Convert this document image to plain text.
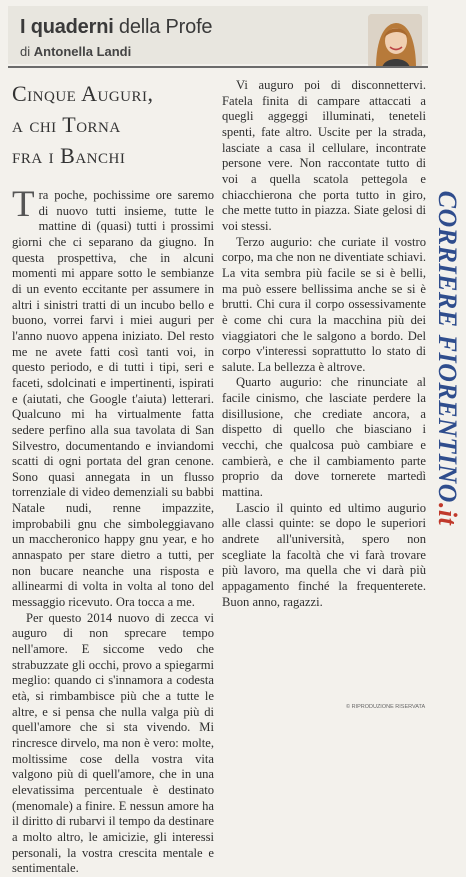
I quaderni della Profe
di Antonella Landi
CORRIERE FIORENTINO.it
Cinque Auguri,
a chi Torna
fra i Banchi

Tra poche, pochissime ore saremo di nuovo tutti insieme, tutte le mattine di (quasi) tutti i prossimi giorni che ci separano da giugno. In questa prospettiva, che in alcuni momenti mi appare sotto le sembianze di un evento eccitante per assumere in altri i sinistri tratti di un incubo bello e buono, vorrei farvi i miei auguri per l'anno nuovo appena iniziato. Del resto me ne avete fatti così tanti voi, in questo periodo, e di tutti i tipi, seri e faceti, sdolcinati e impertinenti, ispirati e (aiutati, che Google t'aiuta) letterari. Qualcuno mi ha virtualmente fatta sedere perfino alla sua tavolata di San Silvestro, documentando e inviandomi scatti di ogni portata del gran cenone. Sono quasi annegata in un flusso torrenziale di video demenziali su babbi Natale nudi, renne impazzite, improbabili gnu che simboleggiavano un maccheronico happy gnu year, e ho annaspato per stare dietro a tutti, per non bucare neanche una risposta e allinearmi di volta in volta al tono del messaggio ricevuto. Ora tocca a me.

Per questo 2014 nuovo di zecca vi auguro di non sprecare tempo nell'amore. E siccome vedo che strabuzzate gli occhi, provo a spiegarmi meglio: quando ci s'innamora a codesta età, si rimbambisce più che a tutte le altre, e si pensa che nulla valga più di quell'amore che si sta vivendo. Mi rincresce dirvelo, ma non è vero: molte, moltissime cose della vostra vita valgono più di quell'amore, che in una elevatissima percentuale è destinato (menomale) a finire. E nessun amore ha il diritto di rubarvi il tempo da destinare a molto altro, le amicizie, gli interessi personali, la vostra crescita mentale e sentimentale.

Vi auguro poi di disconnettervi. Fatela finita di campare attaccati a quegli aggeggi illuminati, teneteli spenti, fate altro. Uscite per la strada, lasciate a casa il cellulare, incontrate persone vere. Non raccontate tutto di voi a quella scatola pettegola e chiacchierona che porta tutto in giro, che mette tutto in piazza. Siate gelosi di voi stessi.

Terzo augurio: che curiate il vostro corpo, ma che non ne diventiate schiavi. La vita sembra più facile se si è belli, ma può essere bellissima anche se si è brutti. Chi cura il corpo ossessivamente è come chi cura la macchina più dei viaggiatori che le salgono a bordo. Del corpo v'interessi soprattutto lo stato di salute. La bellezza è altrove.

Quarto augurio: che rinunciate al facile cinismo, che lasciate perdere la disillusione, che crediate ancora, a dispetto di quello che biasciano i vecchi, che qualcosa può cambiare e cambierà, e che il cambiamento parte proprio da dove tornerete martedì mattina.

Lascio il quinto ed ultimo augurio alle classi quinte: se dopo le superiori andrete all'università, spero non scegliate la facoltà che vi farà trovare più lavoro, ma quella che vi darà più appagamento finché la frequenterete. Buon anno, ragazzi.

© RIPRODUZIONE RISERVATA
